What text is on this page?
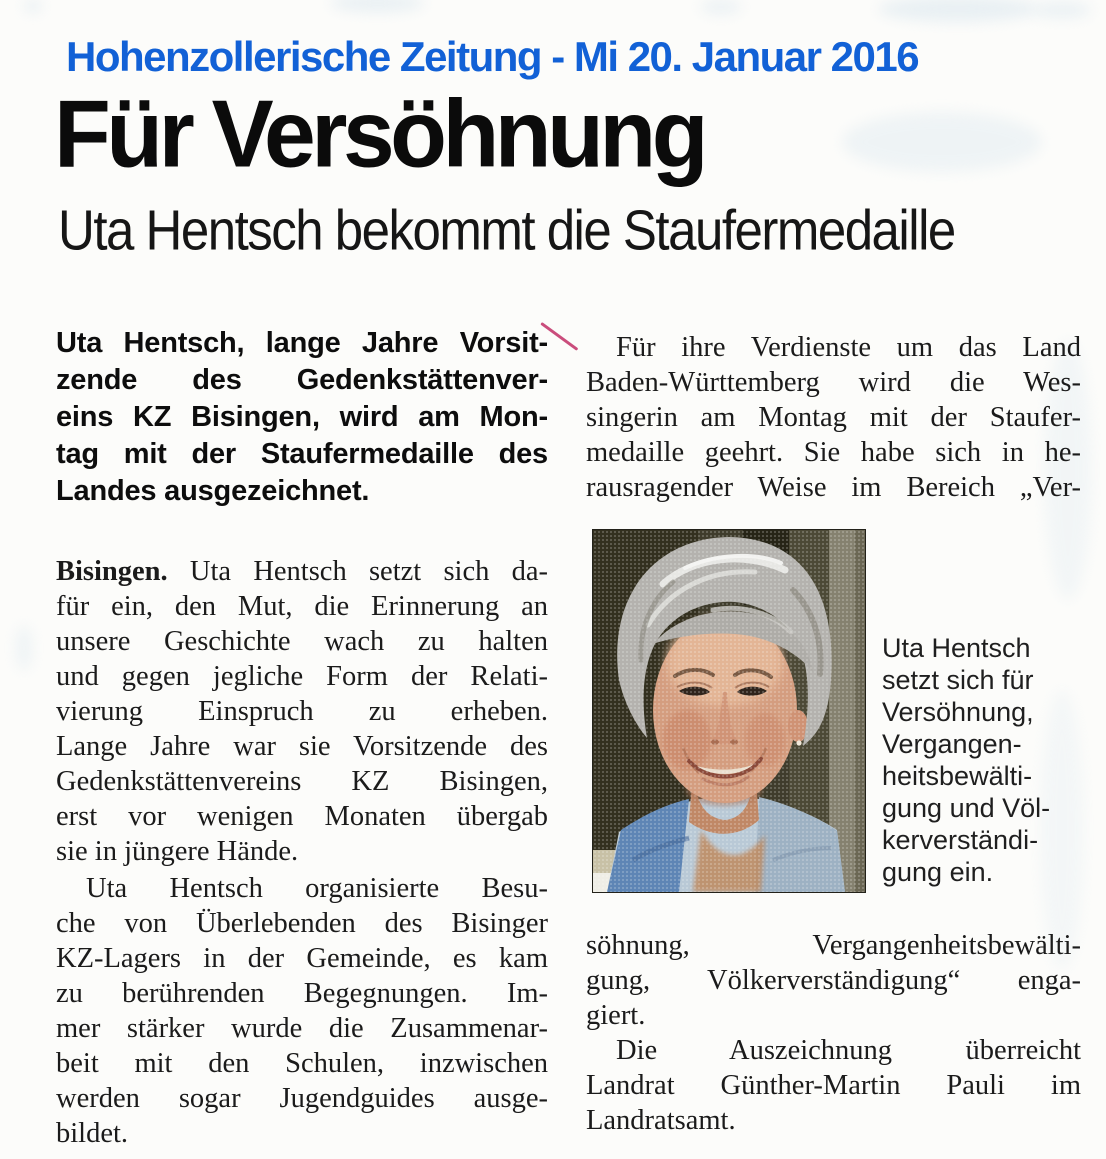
Hohenzollerische Zeitung - Mi 20. Januar 2016
Für Versöhnung
Uta Hentsch bekommt die Staufermedaille
Uta Hentsch, lange Jahre Vorsit-
zende des Gedenkstättenver-
eins KZ Bisingen, wird am Mon-
tag mit der Staufermedaille des
Landes ausgezeichnet.
Bisingen. Uta Hentsch setzt sich da-
für ein, den Mut, die Erinnerung an
unsere Geschichte wach zu halten
und gegen jegliche Form der Relati-
vierung Einspruch zu erheben.
Lange Jahre war sie Vorsitzende des
Gedenkstättenvereins KZ Bisingen,
erst vor wenigen Monaten übergab
sie in jüngere Hände.
Uta Hentsch organisierte Besu-
che von Überlebenden des Bisinger
KZ-Lagers in der Gemeinde, es kam
zu berührenden Begegnungen. Im-
mer stärker wurde die Zusammenar-
beit mit den Schulen, inzwischen
werden sogar Jugendguides ausge-
bildet.
Für ihre Verdienste um das Land
Baden-Württemberg wird die Wes-
singerin am Montag mit der Staufer-
medaille geehrt. Sie habe sich in he-
rausragender Weise im Bereich „Ver-
Uta Hentsch
setzt sich für
Versöhnung,
Vergangen-
heitsbewälti-
gung und Völ-
kerverständi-
gung ein.
söhnung, Vergangenheitsbewälti-
gung, Völkerverständigung“ enga-
giert.
Die Auszeichnung überreicht
Landrat Günther-Martin Pauli im
Landratsamt.
